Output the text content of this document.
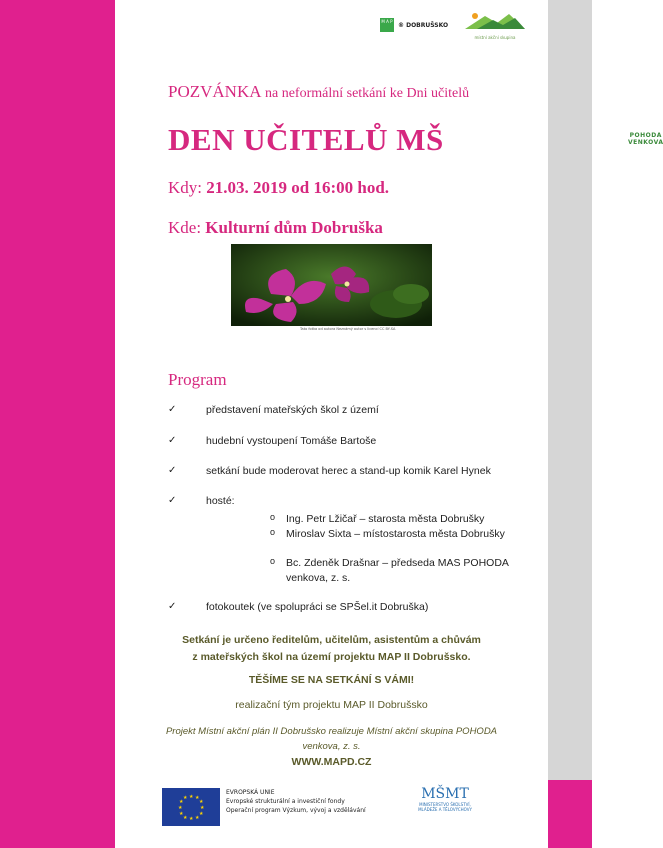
M A P ® DOBRUŠSKO
POHODA VENKOVA
místní akční skupina
POZVÁNKA na neformální setkání ke Dni učitelů
DEN UČITELŮ MŠ
Kdy: 21.03. 2019 od 16:00 hod.
Kde: Kulturní dům Dobruška
Tato fotka od autora Neznámý autor s licencí CC BY-SA
Program
✓	představení mateřských škol z území
✓	hudební vystoupení Tomáše Bartoše
✓	setkání bude moderovat herec a stand-up komik Karel Hynek
✓	hosté:
o Ing. Petr Lžičař – starosta města Dobrušky
o Miroslav Sixta – místostarosta města Dobrušky
o Bc. Zdeněk Drašnar – předseda MAS POHODA venkova, z. s.
✓	fotokoutek (ve spolupráci se SPŠel.it Dobruška)
Setkání je určeno ředitelům, učitelům, asistentům a chůvám
z mateřských škol na území projektu MAP II Dobrušsko.
TĚŠÍME SE NA SETKÁNÍ S VÁMI!
realizační tým projektu MAP II Dobrušsko
Projekt Místní akční plán II Dobrušsko realizuje Místní akční skupina POHODA
venkova, z. s.
WWW.MAPD.CZ
★ ★
★
★
★
★
★
★
★
★
★
★
EVROPSKÁ UNIE
Evropské strukturální a investiční fondy
Operační program Výzkum, vývoj a vzdělávání
MŠMT
MINISTERSTVO ŠKOLSTVÍ,
MLÁDEŽE A TĚLOVÝCHOVY
